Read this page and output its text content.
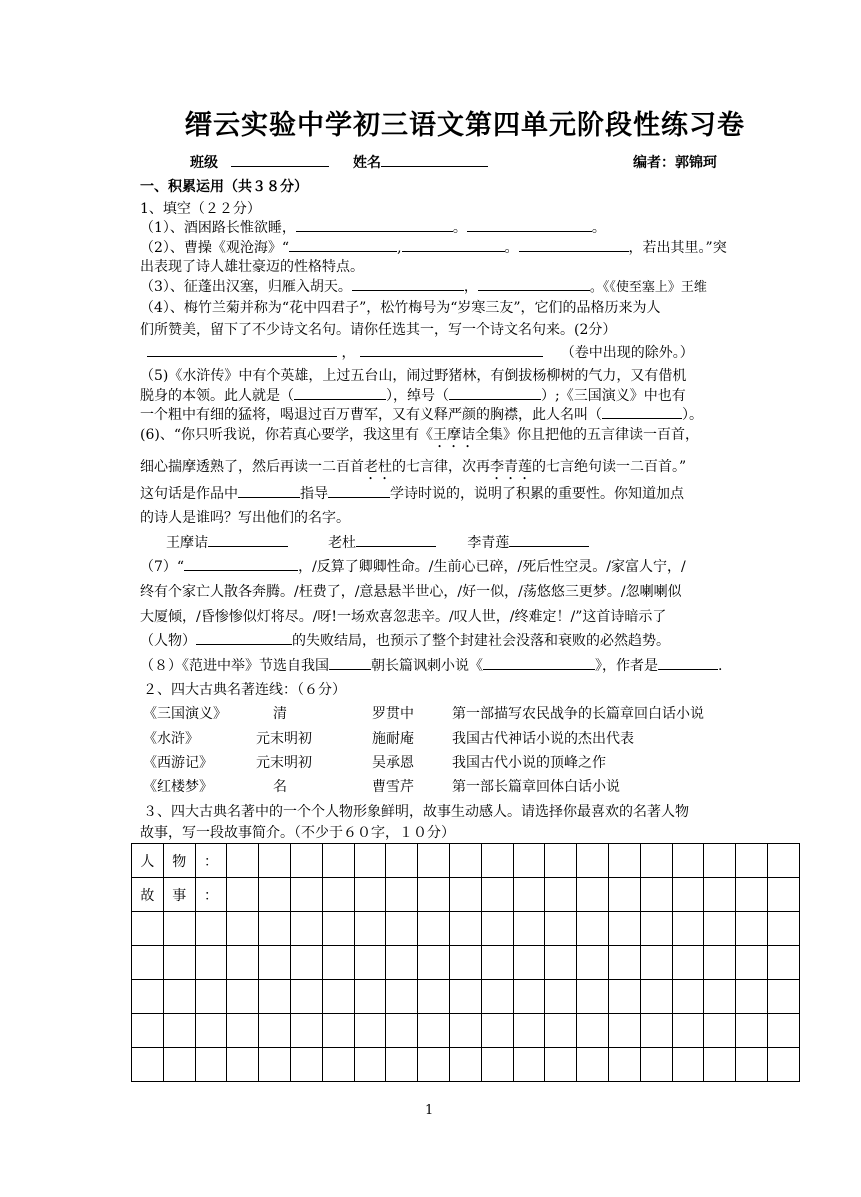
缙云实验中学初三语文第四单元阶段性练习卷
班级	姓名	编者：郭锦珂
一、积累运用（共３８分）
1、填空（２２分）
（1）、酒困路长惟欲睡，	。	。
（2）、曹操《观沧海》“	,	。	，若出其里。”突
出表现了诗人雄壮豪迈的性格特点。
（3）、征蓬出汉塞，归雁入胡天。	，	。《《使至塞上》王维
（4）、梅竹兰菊并称为“花中四君子”，松竹梅号为“岁寒三友”，它们的品格历来为人
们所赞美，留下了不少诗文名句。请你任选其一，写一个诗文名句来。(2分）
，	（卷中出现的除外。）
（5)《水浒传》中有个英雄，上过五台山，闹过野猪林，有倒拔杨柳树的气力，又有借机
脱身的本领。此人就是（	），绰号（	）;《三国演义》中也有
一个粗中有细的猛将，喝退过百万曹军，又有义释严颜的胸襟，此人名叫（	）。
(6)、“你只听我说，你若真心要学，我这里有《王摩诘全集》你且把他的五言律读一百首，
细心揣摩透熟了，然后再读一二百首老杜的七言律，次再李青莲的七言绝句读一二百首。”
这句话是作品中	指导	学诗时说的，说明了积累的重要性。你知道加点
的诗人是谁吗？写出他们的名字。
王摩诘	老杜	李青莲
（7）“	，/反算了卿卿性命。/生前心已碎，/死后性空灵。/家富人宁，/
终有个家亡人散各奔腾。/枉费了，/意悬悬半世心，/好一似，/荡悠悠三更梦。/忽喇喇似
大厦倾，/昏惨惨似灯将尽。/呀!一场欢喜忽悲辛。/叹人世，/终难定！/”这首诗暗示了
（人物）	的失败结局，也预示了整个封建社会没落和衰败的必然趋势。
（８）《范进中举》节选自我国	朝长篇讽刺小说《	》，作者是	.
２、四大古典名著连线：（６分）
《三国演义》	清	罗贯中	第一部描写农民战争的长篇章回白话小说
《水浒》	元末明初	施耐庵	我国古代神话小说的杰出代表
《西游记》	元末明初	吴承恩	我国古代小说的顶峰之作
《红楼梦》	名	曹雪芹	第一部长篇章回体白话小说
３、四大古典名著中的一个个人物形象鲜明，故事生动感人。请选择你最喜欢的名著人物
故事，写一段故事简介。（不少于６０字，１０分）
人	物	：																		
故	事	：																		

1
